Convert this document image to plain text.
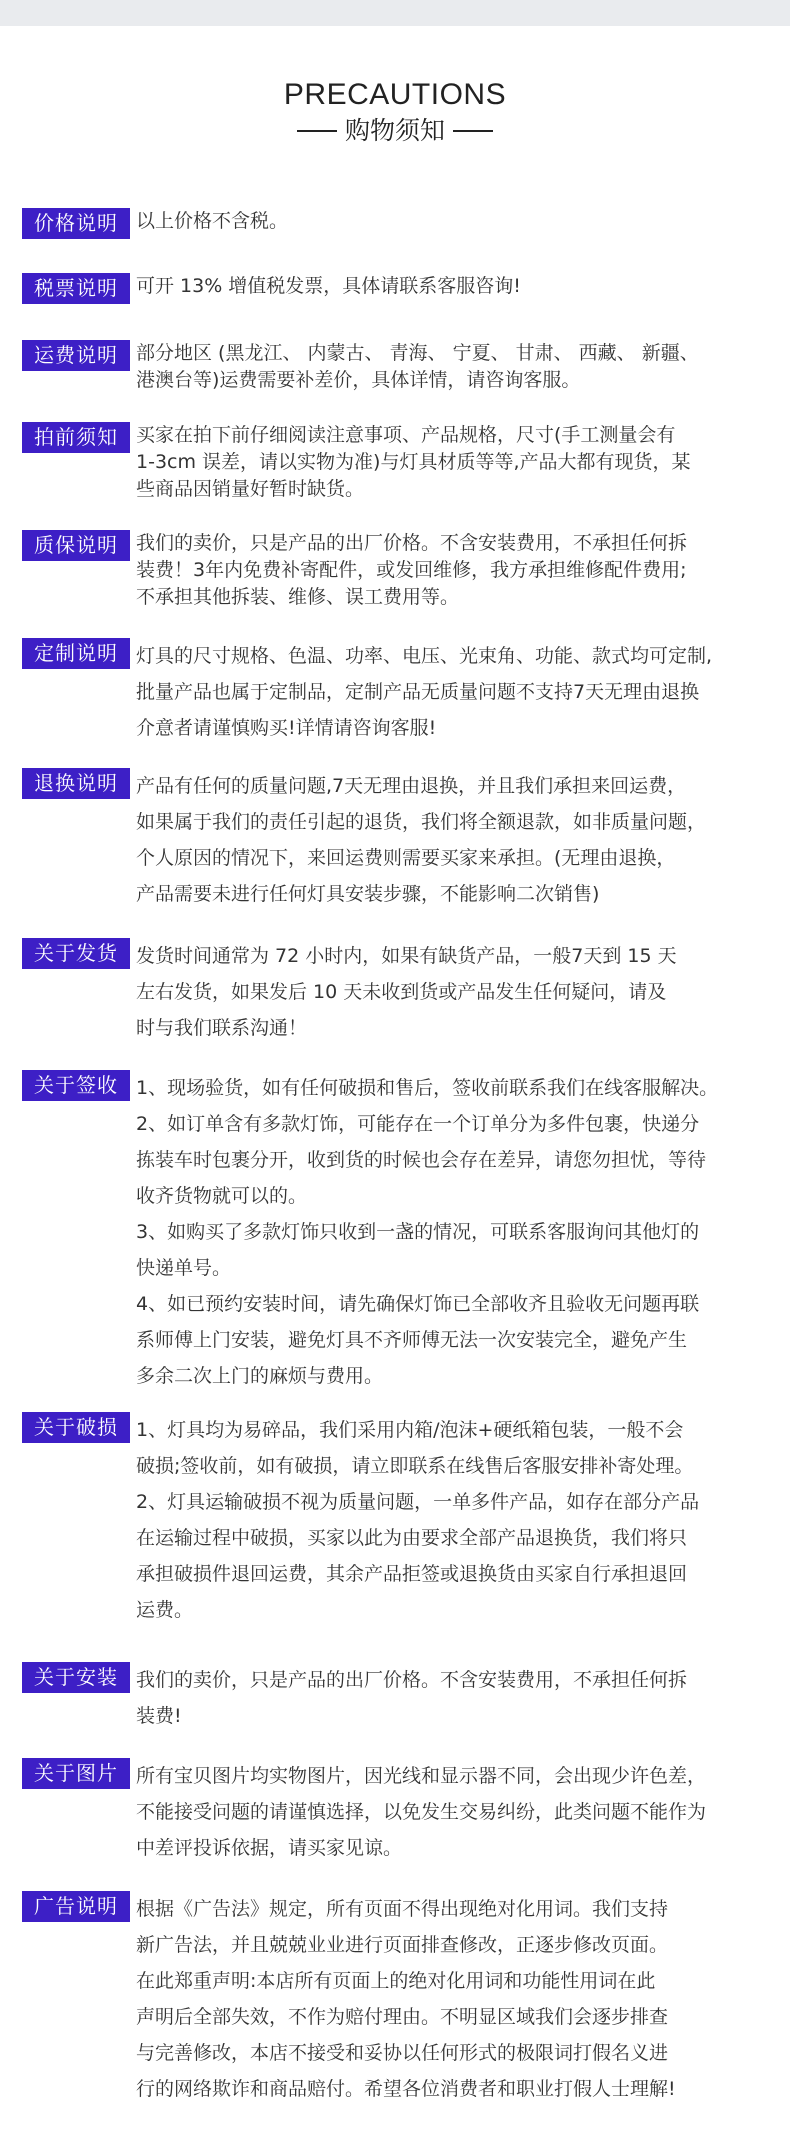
PRECAUTIONS
购物须知
价格说明 以上价格不含税。
税票说明 可开 13% 增值税发票，具体请联系客服咨询!
运费说明 部分地区 (黑龙江、 内蒙古、 青海、 宁夏、 甘肃、 西藏、 新疆、
港澳台等)运费需要补差价，具体详情，请咨询客服。
拍前须知 买家在拍下前仔细阅读注意事项、产品规格，尺寸(手工测量会有
1-3cm 误差，请以实物为准)与灯具材质等等,产品大都有现货，某
些商品因销量好暂时缺货。
质保说明 我们的卖价，只是产品的出厂价格。不含安装费用，不承担任何拆
装费！3年内免费补寄配件，或发回维修，我方承担维修配件费用;
不承担其他拆装、维修、误工费用等。
定制说明 灯具的尺寸规格、色温、功率、电压、光束角、功能、款式均可定制,
批量产品也属于定制品，定制产品无质量问题不支持7天无理由退换
介意者请谨慎购买!详情请咨询客服!
退换说明 产品有任何的质量问题,7天无理由退换，并且我们承担来回运费，
如果属于我们的责任引起的退货，我们将全额退款，如非质量问题，
个人原因的情况下，来回运费则需要买家来承担。(无理由退换，
产品需要未进行任何灯具安装步骤，不能影响二次销售)
关于发货 发货时间通常为 72 小时内，如果有缺货产品，一般7天到 15 天
左右发货，如果发后 10 天未收到货或产品发生任何疑问，请及
时与我们联系沟通！
关于签收 1、现场验货，如有任何破损和售后，签收前联系我们在线客服解决。
2、如订单含有多款灯饰，可能存在一个订单分为多件包裹，快递分
拣装车时包裹分开，收到货的时候也会存在差异，请您勿担忧，等待
收齐货物就可以的。
3、如购买了多款灯饰只收到一盏的情况，可联系客服询问其他灯的
快递单号。
4、如已预约安装时间，请先确保灯饰已全部收齐且验收无问题再联
系师傅上门安装，避免灯具不齐师傅无法一次安装完全，避免产生
多余二次上门的麻烦与费用。
关于破损 1、灯具均为易碎品，我们采用内箱/泡沫+硬纸箱包装，一般不会
破损;签收前，如有破损，请立即联系在线售后客服安排补寄处理。
2、灯具运输破损不视为质量问题，一单多件产品，如存在部分产品
在运输过程中破损，买家以此为由要求全部产品退换货，我们将只
承担破损件退回运费，其余产品拒签或退换货由买家自行承担退回
运费。
关于安装 我们的卖价，只是产品的出厂价格。不含安装费用，不承担任何拆
装费!
关于图片 所有宝贝图片均实物图片，因光线和显示器不同，会出现少许色差，
不能接受问题的请谨慎选择，以免发生交易纠纷，此类问题不能作为
中差评投诉依据，请买家见谅。
广告说明 根据《广告法》规定，所有页面不得出现绝对化用词。我们支持
新广告法，并且兢兢业业进行页面排查修改，正逐步修改页面。
在此郑重声明:本店所有页面上的绝对化用词和功能性用词在此
声明后全部失效，不作为赔付理由。不明显区域我们会逐步排查
与完善修改，本店不接受和妥协以任何形式的极限词打假名义进
行的网络欺诈和商品赔付。希望各位消费者和职业打假人士理解!
